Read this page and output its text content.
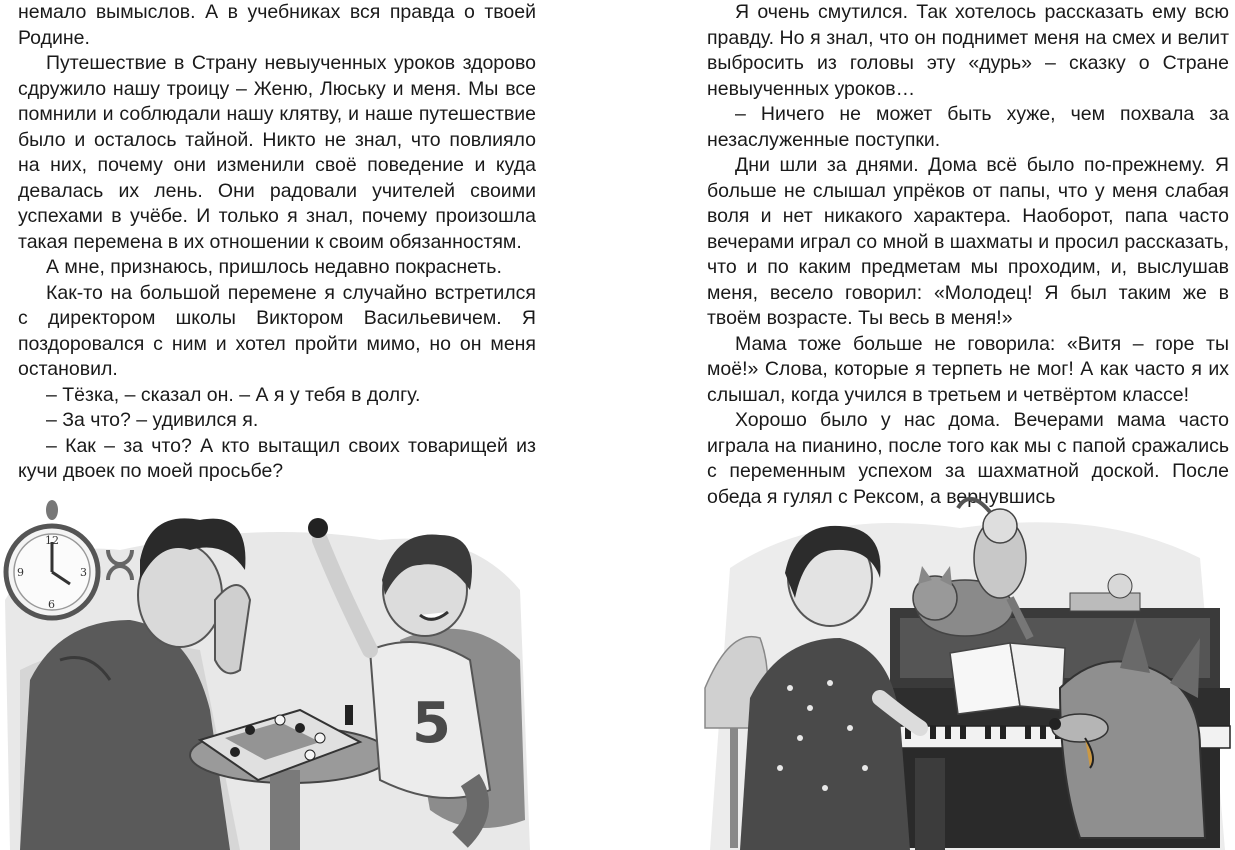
немало вымыслов. А в учебниках вся правда о твоей Родине.

Путешествие в Страну невыученных уроков здорово сдружило нашу троицу – Женю, Люську и меня. Мы все помнили и соблюдали нашу клятву, и наше путешествие было и осталось тайной. Никто не знал, что повлияло на них, почему они изменили своё поведение и куда девалась их лень. Они радовали учителей своими успехами в учёбе. И только я знал, почему произошла такая перемена в их отношении к своим обязанностям.

А мне, признаюсь, пришлось недавно покраснеть.

Как-то на большой перемене я случайно встретился с директором школы Виктором Васильевичем. Я поздоровался с ним и хотел пройти мимо, но он меня остановил.

– Тёзка, – сказал он. – А я у тебя в долгу.

– За что? – удивился я.

– Как – за что? А кто вытащил своих товарищей из кучи двоек по моей просьбе?

Я очень смутился. Так хотелось рассказать ему всю правду. Но я знал, что он поднимет меня на смех и велит выбросить из головы эту «дурь» – сказку о Стране невыученных уроков…

– Ничего не может быть хуже, чем похвала за незаслуженные поступки.

Дни шли за днями. Дома всё было по-прежнему. Я больше не слышал упрёков от папы, что у меня слабая воля и нет никакого характера. Наоборот, папа часто вечерами играл со мной в шахматы и просил рассказать, что и по каким предметам мы проходим, и, выслушав меня, весело говорил: «Молодец! Я был таким же в твоём возрасте. Ты весь в меня!»

Мама тоже больше не говорила: «Витя – горе ты моё!» Слова, которые я терпеть не мог! А как часто я их слышал, когда учился в третьем и четвёртом классе!

Хорошо было у нас дома. Вечерами мама часто играла на пианино, после того как мы с папой сражались с переменным успехом за шахматной доской. После обеда я гулял с Рексом, а вернувшись

12
3
6
9
5
